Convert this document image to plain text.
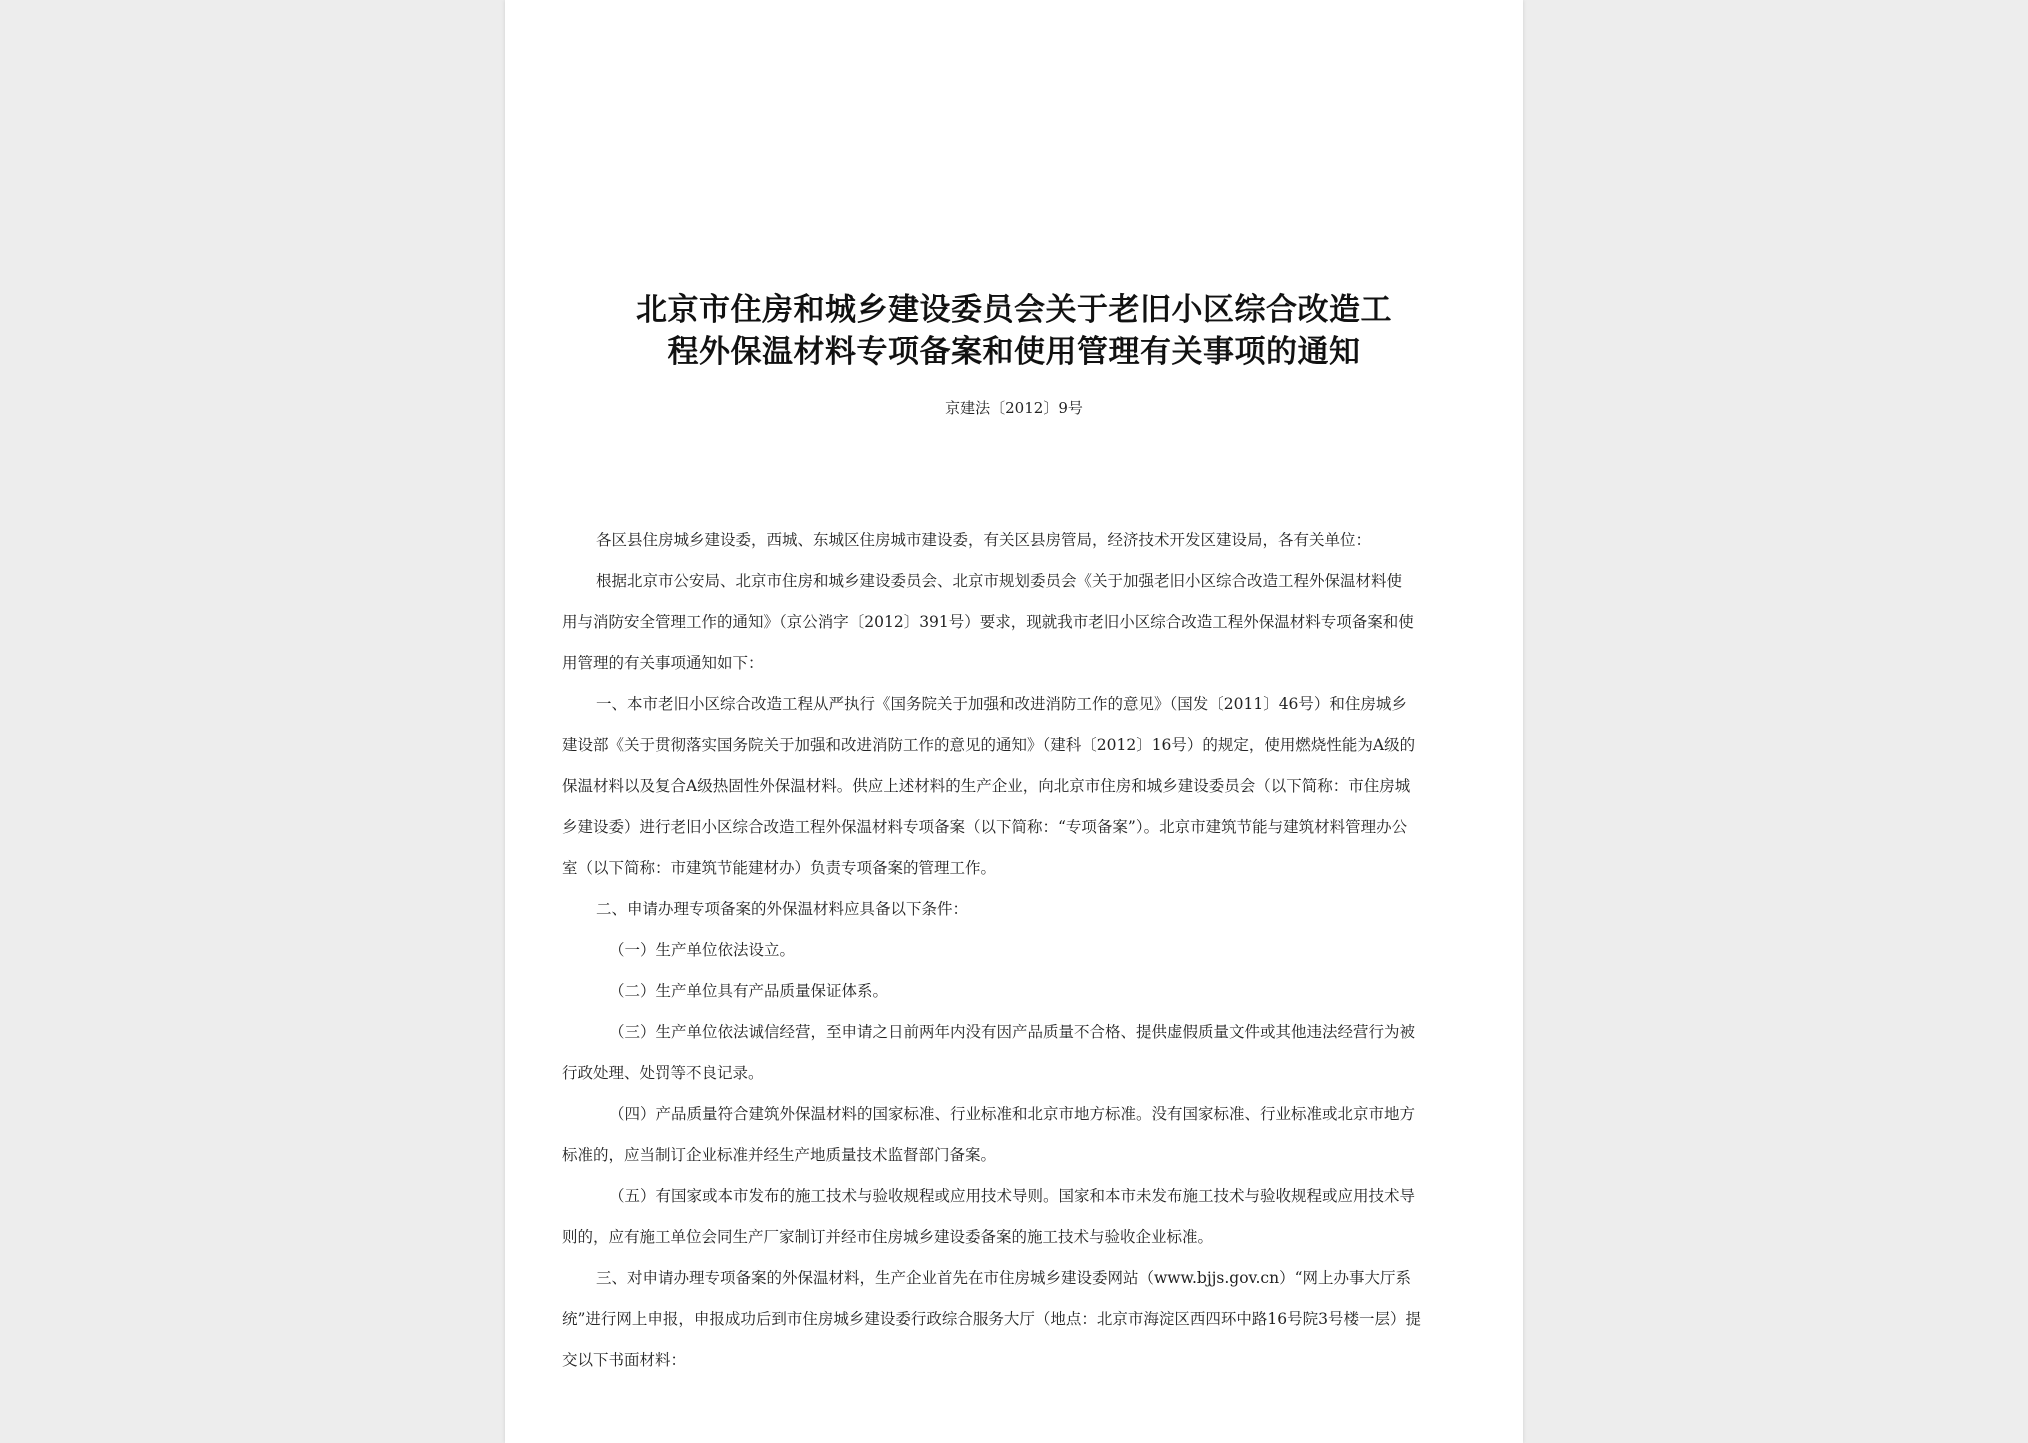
北京市住房和城乡建设委员会关于老旧小区综合改造工
程外保温材料专项备案和使用管理有关事项的通知
京建法〔2012〕9号
各区县住房城乡建设委，西城、东城区住房城市建设委，有关区县房管局，经济技术开发区建设局，各有关单位：
根据北京市公安局、北京市住房和城乡建设委员会、北京市规划委员会《关于加强老旧小区综合改造工程外保温材料使
用与消防安全管理工作的通知》（京公消字〔2012〕391号）要求，现就我市老旧小区综合改造工程外保温材料专项备案和使
用管理的有关事项通知如下：
一、本市老旧小区综合改造工程从严执行《国务院关于加强和改进消防工作的意见》（国发〔2011〕46号）和住房城乡
建设部《关于贯彻落实国务院关于加强和改进消防工作的意见的通知》（建科〔2012〕16号）的规定，使用燃烧性能为A级的
保温材料以及复合A级热固性外保温材料。供应上述材料的生产企业，向北京市住房和城乡建设委员会（以下简称：市住房城
乡建设委）进行老旧小区综合改造工程外保温材料专项备案（以下简称：“专项备案”）。北京市建筑节能与建筑材料管理办公
室（以下简称：市建筑节能建材办）负责专项备案的管理工作。
二、申请办理专项备案的外保温材料应具备以下条件：
（一）生产单位依法设立。
（二）生产单位具有产品质量保证体系。
（三）生产单位依法诚信经营，至申请之日前两年内没有因产品质量不合格、提供虚假质量文件或其他违法经营行为被
行政处理、处罚等不良记录。
（四）产品质量符合建筑外保温材料的国家标准、行业标准和北京市地方标准。没有国家标准、行业标准或北京市地方
标准的，应当制订企业标准并经生产地质量技术监督部门备案。
（五）有国家或本市发布的施工技术与验收规程或应用技术导则。国家和本市未发布施工技术与验收规程或应用技术导
则的，应有施工单位会同生产厂家制订并经市住房城乡建设委备案的施工技术与验收企业标准。
三、对申请办理专项备案的外保温材料，生产企业首先在市住房城乡建设委网站（www.bjjs.gov.cn）“网上办事大厅系
统”进行网上申报，申报成功后到市住房城乡建设委行政综合服务大厅（地点：北京市海淀区西四环中路16号院3号楼一层）提
交以下书面材料：
